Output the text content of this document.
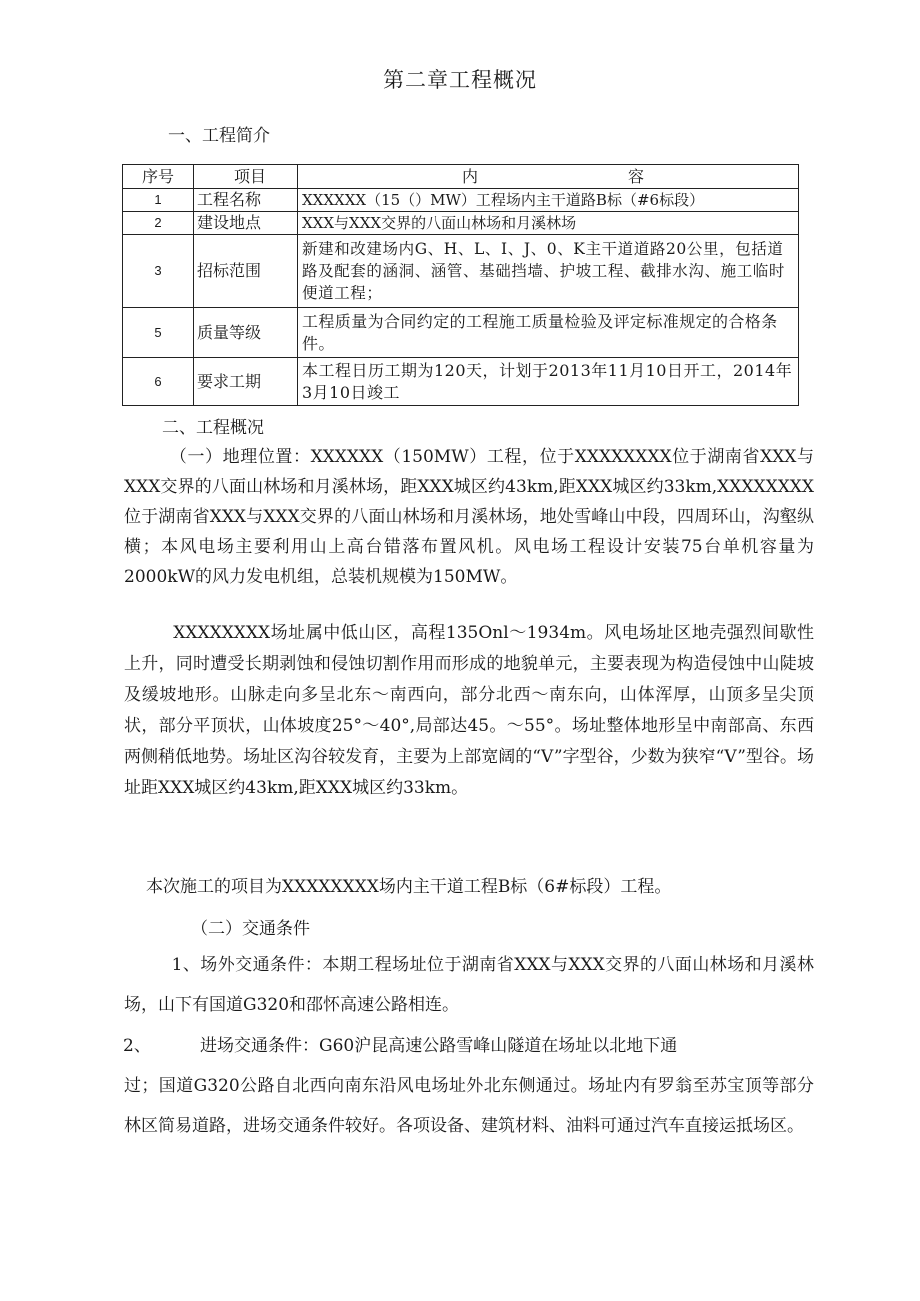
第二章工程概况
一、工程简介
序号	项目	内 容

1	工程名称	XXXXXX（15（）MW）工程场内主干道路B标（#6标段）
2	建设地点	XXX与XXX交界的八面山林场和月溪林场
3	招标范围	新建和改建场内G、H、L、I、J、0、K主干道道路20公里，包括道路及配套的涵洞、涵管、基础挡墙、护坡工程、截排水沟、施工临时便道工程；
5	质量等级	工程质量为合同约定的工程施工质量检验及评定标准规定的合格条件。
6	要求工期	本工程日历工期为120天，计划于2013年11月10日开工，2014年3月10日竣工
二、工程概况
（一）地理位置：XXXXXX（150MW）工程，位于XXXXXXXX位于湖南省XXX与XXX交界的八面山林场和月溪林场，距XXX城区约43km,距XXX城区约33km,XXXXXXXX位于湖南省XXX与XXX交界的八面山林场和月溪林场，地处雪峰山中段，四周环山，沟壑纵横；本风电场主要利用山上高台错落布置风机。风电场工程设计安装75台单机容量为2000kW的风力发电机组，总装机规模为150MW。
XXXXXXXX场址属中低山区，高程135Onl～1934m。风电场址区地壳强烈间歇性上升，同时遭受长期剥蚀和侵蚀切割作用而形成的地貌单元，主要表现为构造侵蚀中山陡坡及缓坡地形。山脉走向多呈北东～南西向，部分北西～南东向，山体浑厚，山顶多呈尖顶状，部分平顶状，山体坡度25°～40°,局部达45。～55°。场址整体地形呈中南部高、东西两侧稍低地势。场址区沟谷较发育，主要为上部宽阔的“V”字型谷，少数为狭窄“V”型谷。场址距XXX城区约43km,距XXX城区约33km。
本次施工的项目为XXXXXXXX场内主干道工程B标（6#标段）工程。
（二）交通条件
1、场外交通条件：本期工程场址位于湖南省XXX与XXX交界的八面山林场和月溪林场，山下有国道G320和邵怀高速公路相连。
2、	进场交通条件：G60沪昆高速公路雪峰山隧道在场址以北地下通
过；国道G320公路自北西向南东沿风电场址外北东侧通过。场址内有罗翁至苏宝顶等部分林区简易道路，进场交通条件较好。各项设备、建筑材料、油料可通过汽车直接运抵场区。
